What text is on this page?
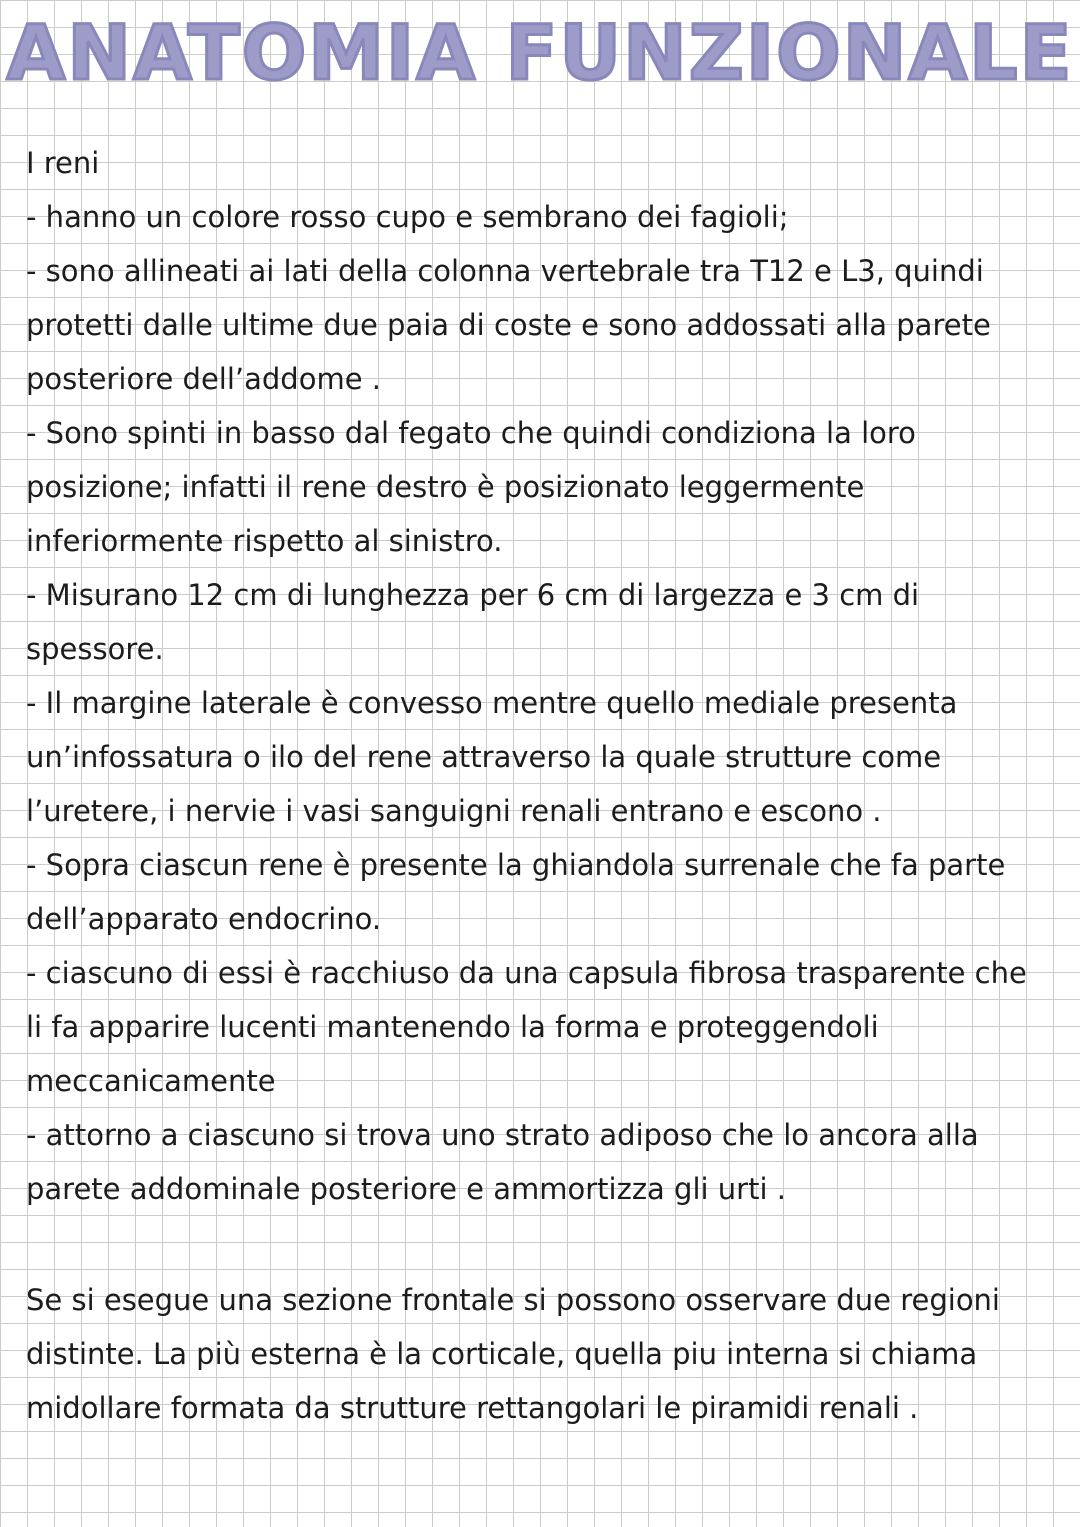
ANATOMIA FUNZIONALE
I reni
- hanno un colore rosso cupo e sembrano dei fagioli;
- sono allineati ai lati della colonna vertebrale tra T12 e L3, quindi
protetti dalle ultime due paia di coste e sono addossati alla parete
posteriore dell’addome .
- Sono spinti in basso dal fegato che quindi condiziona la loro
posizione; infatti il rene destro è posizionato leggermente
inferiormente rispetto al sinistro.
- Misurano 12 cm di lunghezza per 6 cm di largezza e 3 cm di
spessore.
- Il margine laterale è convesso mentre quello mediale presenta
un’infossatura o ilo del rene attraverso la quale strutture come
l’uretere, i nervie i vasi sanguigni renali entrano e escono .
- Sopra ciascun rene è presente la ghiandola surrenale che fa parte
dell’apparato endocrino.
- ciascuno di essi è racchiuso da una capsula fibrosa trasparente che
li fa apparire lucenti mantenendo la forma e proteggendoli
meccanicamente
- attorno a ciascuno si trova uno strato adiposo che lo ancora alla
parete addominale posteriore e ammortizza gli urti .
Se si esegue una sezione frontale si possono osservare due regioni
distinte. La più esterna è la corticale, quella piu interna si chiama
midollare formata da strutture rettangolari le piramidi renali .
